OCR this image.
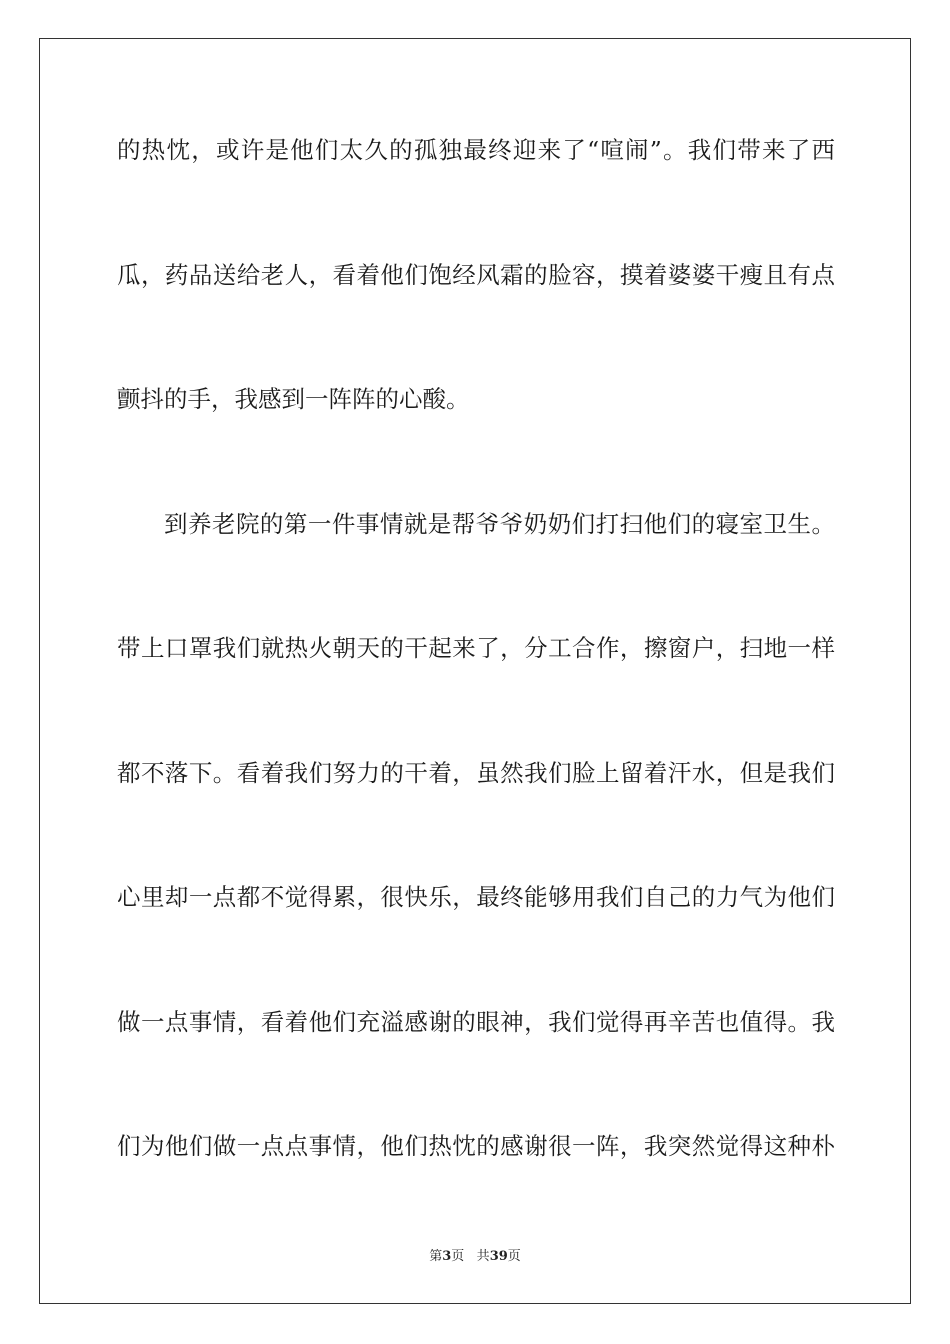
的热忱，或许是他们太久的孤独最终迎来了“喧闹”。我们带来了西
瓜，药品送给老人，看着他们饱经风霜的脸容，摸着婆婆干瘦且有点
颤抖的手，我感到一阵阵的心酸。
到养老院的第一件事情就是帮爷爷奶奶们打扫他们的寝室卫生。
带上口罩我们就热火朝天的干起来了，分工合作，擦窗户，扫地一样
都不落下。看着我们努力的干着，虽然我们脸上留着汗水，但是我们
心里却一点都不觉得累，很快乐，最终能够用我们自己的力气为他们
做一点事情，看着他们充溢感谢的眼神，我们觉得再辛苦也值得。我
们为他们做一点点事情，他们热忱的感谢很一阵，我突然觉得这种朴
第3页 共39页
